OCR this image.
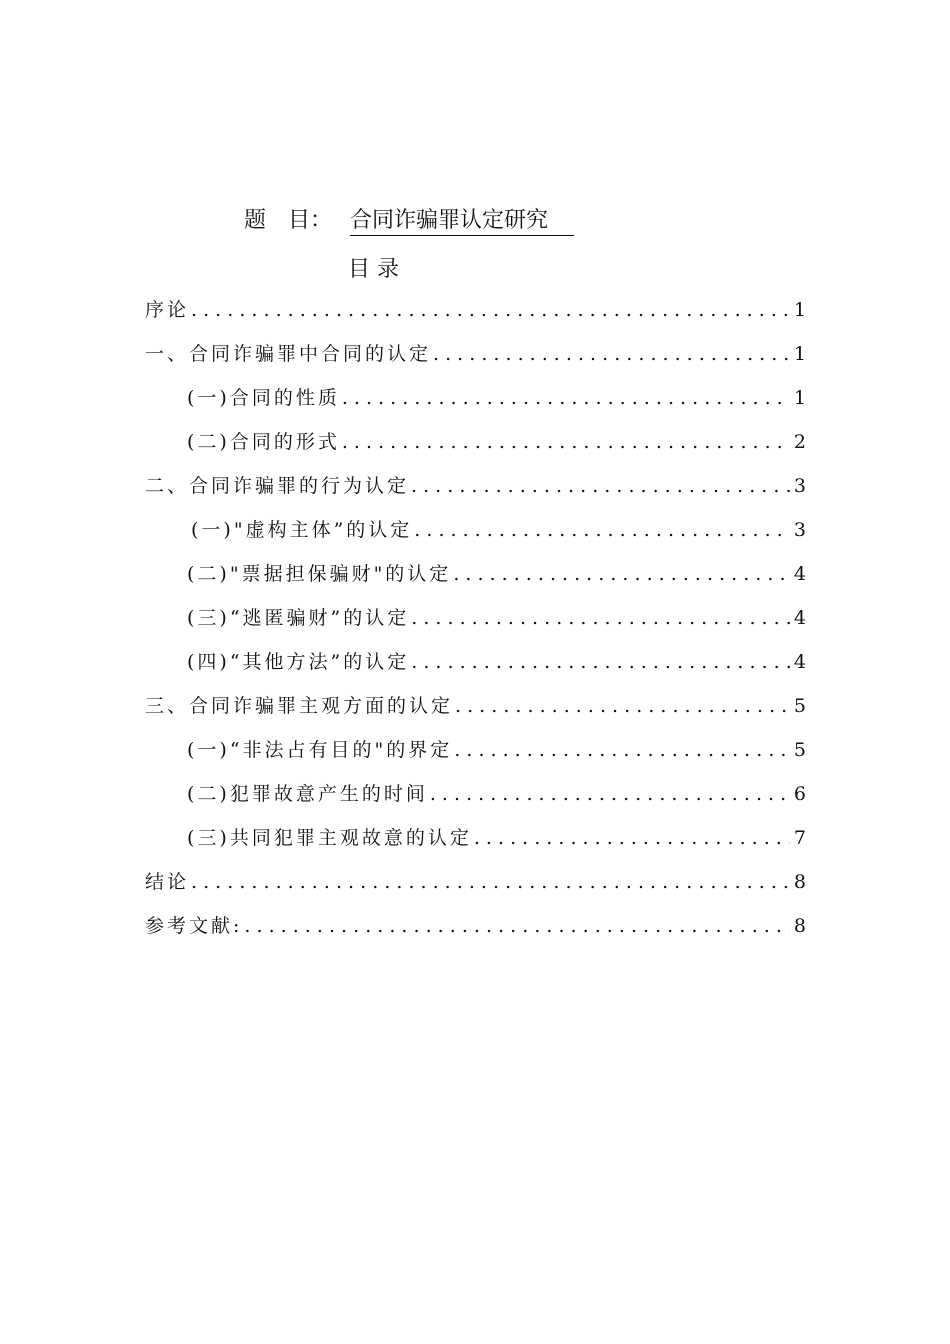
题　目： 合同诈骗罪认定研究
目 录
序论 . . .	1
一、合同诈骗罪中合同的认定 . . .	1
(一)合同的性质 . . .	1
(二)合同的形式 . . .	2
二、合同诈骗罪的行为认定 . . .	3
(一)"虚构主体”的认定 . . .	3
(二)"票据担保骗财"的认定 . . .	4
(三)“逃匿骗财”的认定 . . .	4
(四)“其他方法”的认定 . . .	4
三、合同诈骗罪主观方面的认定 . . .	5
(一)“非法占有目的"的界定 . . .	5
(二)犯罪故意产生的时间 . . .	6
(三)共同犯罪主观故意的认定 . . .	7
结论 . . .	8
参考文献: . . .	8
